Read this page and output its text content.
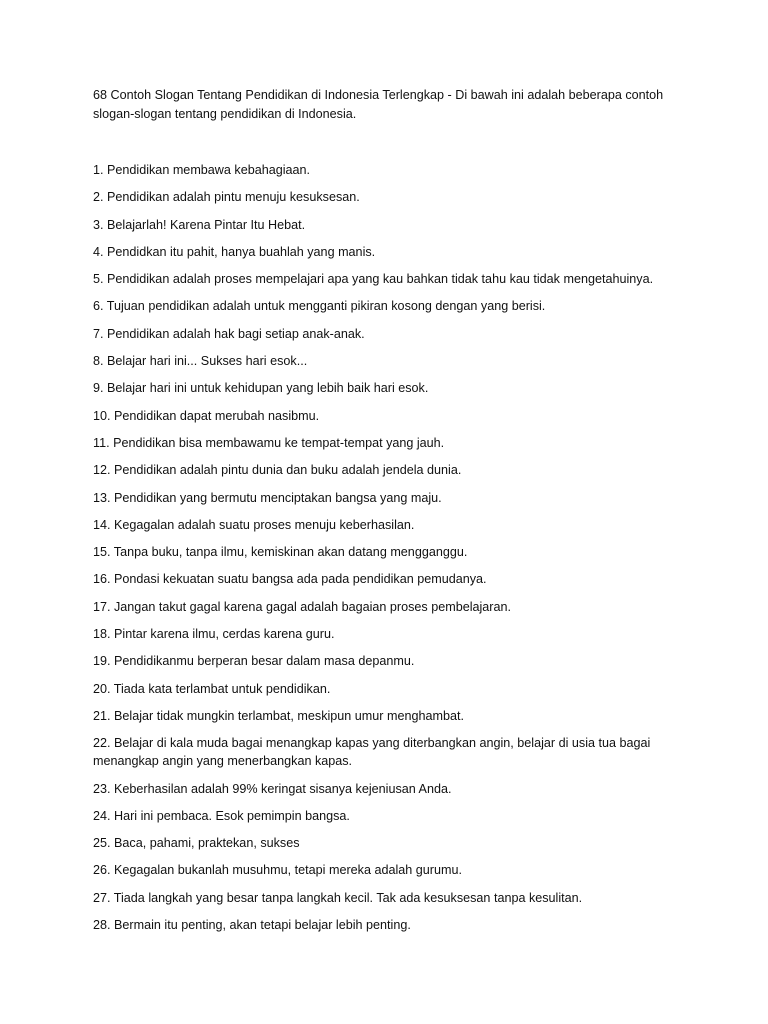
68 Contoh Slogan Tentang Pendidikan di Indonesia Terlengkap - Di bawah ini adalah beberapa contoh slogan-slogan tentang pendidikan di Indonesia.

1. Pendidikan membawa kebahagiaan.
2. Pendidikan adalah pintu menuju kesuksesan.
3. Belajarlah! Karena Pintar Itu Hebat.
4. Pendidkan itu pahit, hanya buahlah yang manis.
5. Pendidikan adalah proses mempelajari apa yang kau bahkan tidak tahu kau tidak mengetahuinya.
6. Tujuan pendidikan adalah untuk mengganti pikiran kosong dengan yang berisi.
7. Pendidikan adalah hak bagi setiap anak-anak.
8. Belajar hari ini... Sukses hari esok...
9. Belajar hari ini untuk kehidupan yang lebih baik hari esok.
10. Pendidikan dapat merubah nasibmu.
11. Pendidikan bisa membawamu ke tempat-tempat yang jauh.
12. Pendidikan adalah pintu dunia dan buku adalah jendela dunia.
13. Pendidikan yang bermutu menciptakan bangsa yang maju.
14. Kegagalan adalah suatu proses menuju keberhasilan.
15. Tanpa buku, tanpa ilmu, kemiskinan akan datang mengganggu.
16. Pondasi kekuatan suatu bangsa ada pada pendidikan pemudanya.
17. Jangan takut gagal karena gagal adalah bagaian proses pembelajaran.
18. Pintar karena ilmu, cerdas karena guru.
19. Pendidikanmu berperan besar dalam masa depanmu.
20. Tiada kata terlambat untuk pendidikan.
21. Belajar tidak mungkin terlambat, meskipun umur menghambat.
22. Belajar di kala muda bagai menangkap kapas yang diterbangkan angin, belajar di usia tua bagai menangkap angin yang menerbangkan kapas.
23. Keberhasilan adalah 99% keringat sisanya kejeniusan Anda.
24. Hari ini pembaca. Esok pemimpin bangsa.
25. Baca, pahami, praktekan, sukses
26. Kegagalan bukanlah musuhmu, tetapi mereka adalah gurumu.
27. Tiada langkah yang besar tanpa langkah kecil. Tak ada kesuksesan tanpa kesulitan.
28. Bermain itu penting, akan tetapi belajar lebih penting.
